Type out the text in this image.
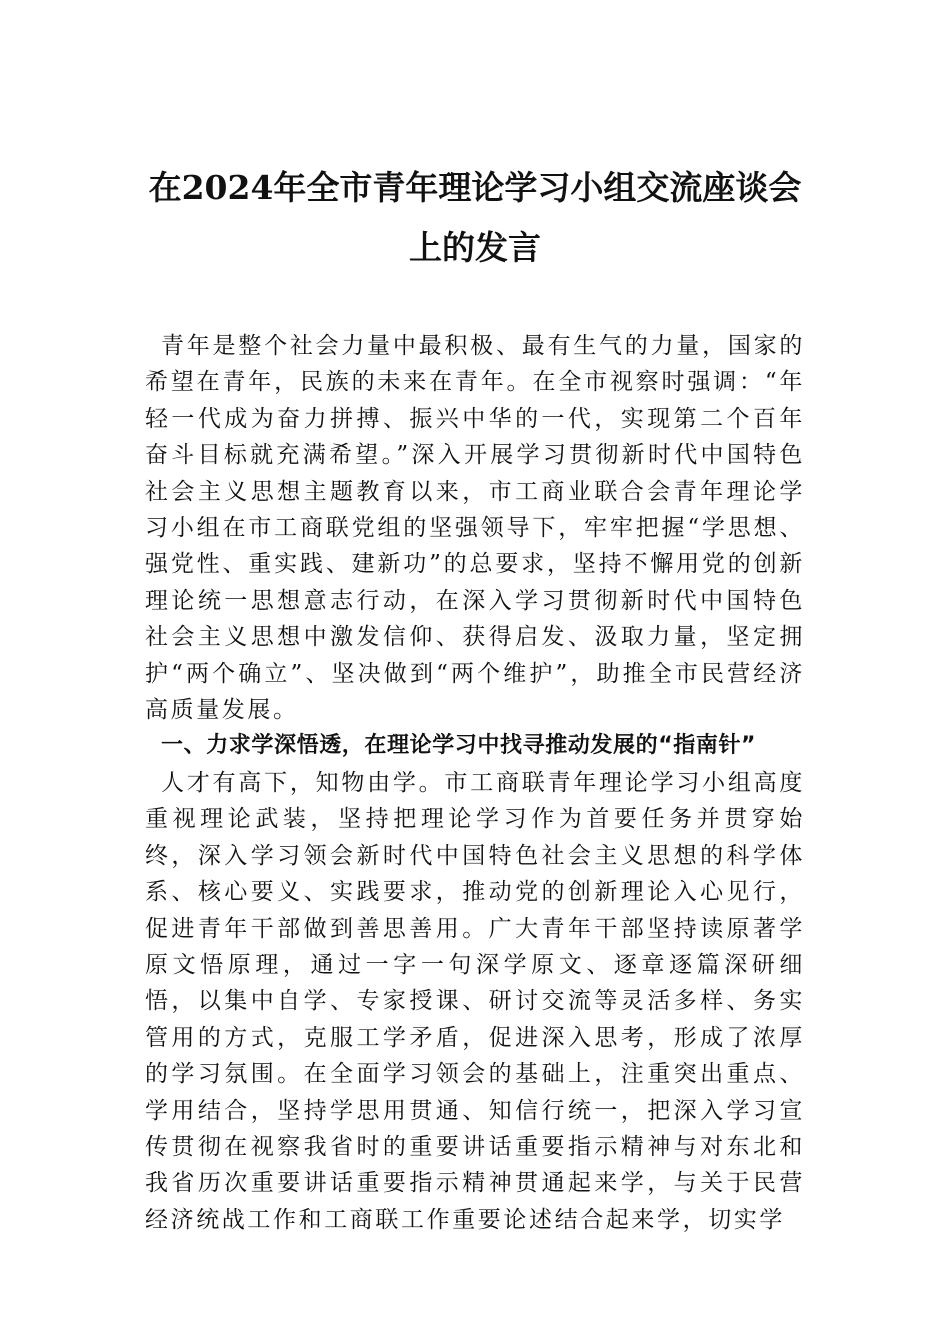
在2024年全市青年理论学习小组交流座谈会上的发言

青年是整个社会力量中最积极、最有生气的力量，国家的希望在青年，民族的未来在青年。在全市视察时强调：“年轻一代成为奋力拼搏、振兴中华的一代，实现第二个百年奋斗目标就充满希望。”深入开展学习贯彻新时代中国特色社会主义思想主题教育以来，市工商业联合会青年理论学习小组在市工商联党组的坚强领导下，牢牢把握“学思想、强党性、重实践、建新功”的总要求，坚持不懈用党的创新理论统一思想意志行动，在深入学习贯彻新时代中国特色社会主义思想中激发信仰、获得启发、汲取力量，坚定拥护“两个确立”、坚决做到“两个维护”，助推全市民营经济高质量发展。

一、力求学深悟透，在理论学习中找寻推动发展的“指南针”

人才有高下，知物由学。市工商联青年理论学习小组高度重视理论武装，坚持把理论学习作为首要任务并贯穿始终，深入学习领会新时代中国特色社会主义思想的科学体系、核心要义、实践要求，推动党的创新理论入心见行，促进青年干部做到善思善用。广大青年干部坚持读原著学原文悟原理，通过一字一句深学原文、逐章逐篇深研细悟，以集中自学、专家授课、研讨交流等灵活多样、务实管用的方式，克服工学矛盾，促进深入思考，形成了浓厚的学习氛围。在全面学习领会的基础上，注重突出重点、学用结合，坚持学思用贯通、知信行统一，把深入学习宣传贯彻在视察我省时的重要讲话重要指示精神与对东北和我省历次重要讲话重要指示精神贯通起来学，与关于民营经济统战工作和工商联工作重要论述结合起来学，切实学
